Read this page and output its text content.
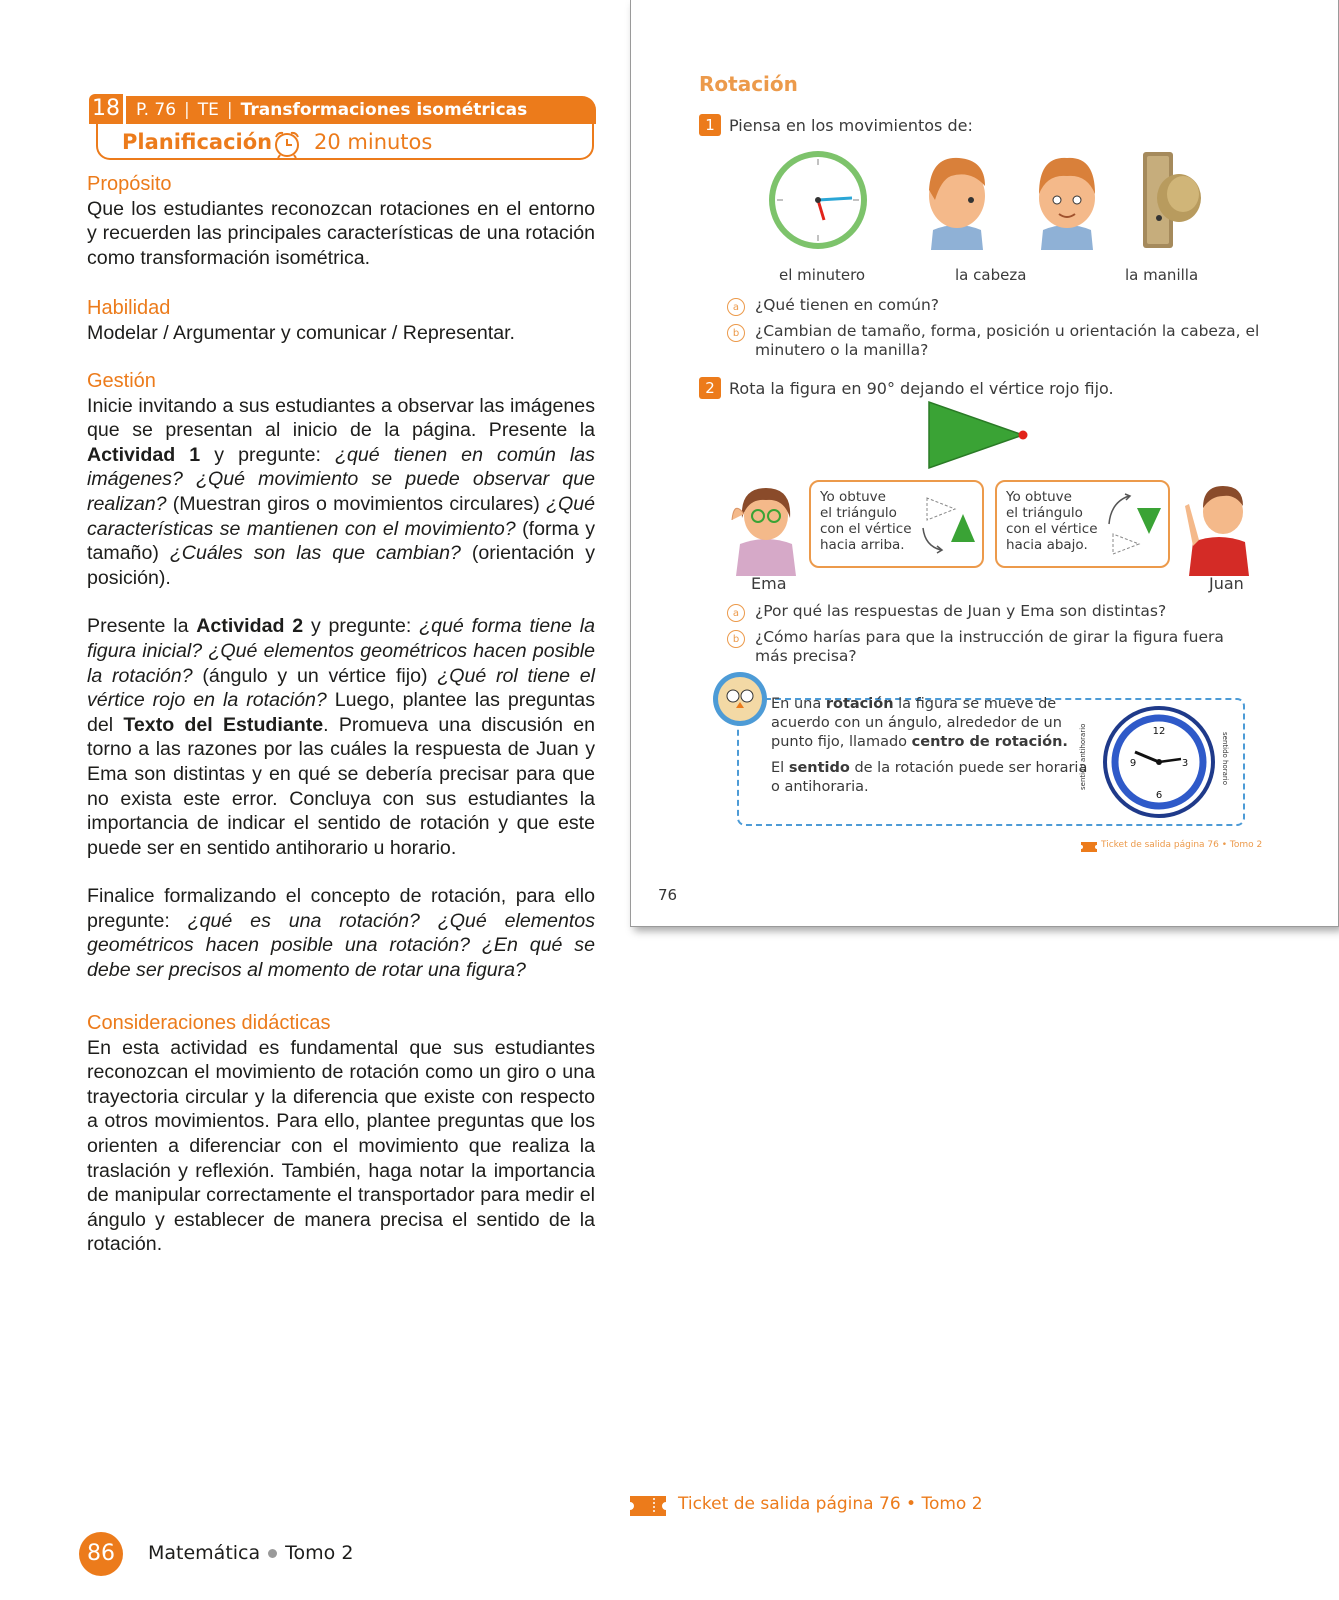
18 P. 76 | TE | Transformaciones isométricas
Planificación 20 minutos
Propósito

Que los estudiantes reconozcan rotaciones en el entorno y recuerden las principales características de una rotación como transformación isométrica.

Habilidad

Modelar / Argumentar y comunicar / Representar.

Gestión

Inicie invitando a sus estudiantes a observar las imágenes que se presentan al inicio de la página. Presente la Actividad 1 y pregunte: ¿qué tienen en común las imágenes? ¿Qué movimiento se puede observar que realizan? (Muestran giros o movimientos circulares) ¿Qué características se mantienen con el movimiento? (forma y tamaño) ¿Cuáles son las que cambian? (orientación y posición).

Presente la Actividad 2 y pregunte: ¿qué forma tiene la figura inicial? ¿Qué elementos geométricos hacen posible la rotación? (ángulo y un vértice fijo) ¿Qué rol tiene el vértice rojo en la rotación? Luego, plantee las preguntas del Texto del Estudiante. Promueva una discusión en torno a las razones por las cuáles la respuesta de Juan y Ema son distintas y en qué se debería precisar para que no exista este error. Concluya con sus estudiantes la importancia de indicar el sentido de rotación y que este puede ser en sentido antihorario u horario.

Finalice formalizando el concepto de rotación, para ello pregunte: ¿qué es una rotación? ¿Qué elementos geométricos hacen posible una rotación? ¿En qué se debe ser precisos al momento de rotar una figura?

Consideraciones didácticas

En esta actividad es fundamental que sus estudiantes reconozcan el movimiento de rotación como un giro o una trayectoria circular y la diferencia que existe con respecto a otros movimientos. Para ello, plantee preguntas que los orienten a diferenciar con el movimiento que realiza la traslación y reflexión. También, haga notar la importancia de manipular correctamente el transportador para medir el ángulo y establecer de manera precisa el sentido de la rotación.

Rotación
1 Piensa en los movimientos de:
el minutero	la cabeza	la manilla
a	¿Qué tienen en común?
b	¿Cambian de tamaño, forma, posición u orientación la cabeza, el
minutero o la manilla?
2 Rota la figura en 90° dejando el vértice rojo fijo.
Ema
Yo obtuve
el triángulo
con el vértice
hacia arriba.
Yo obtuve
el triángulo
con el vértice
hacia abajo.
Juan
a	¿Por qué las respuestas de Juan y Ema son distintas?
b	¿Cómo harías para que la instrucción de girar la figura fuera
más precisa?
En una rotación la figura se mueve de
acuerdo con un ángulo, alrededor de un
punto fijo, llamado centro de rotación.
El sentido de la rotación puede ser horaria
o antihoraria.
12
3
6
9
sentido antihorario	sentido horario
Ticket de salida página 76 • Tomo 2
76
Ticket de salida página 76 • Tomo 2
86	Matemática Tomo 2
